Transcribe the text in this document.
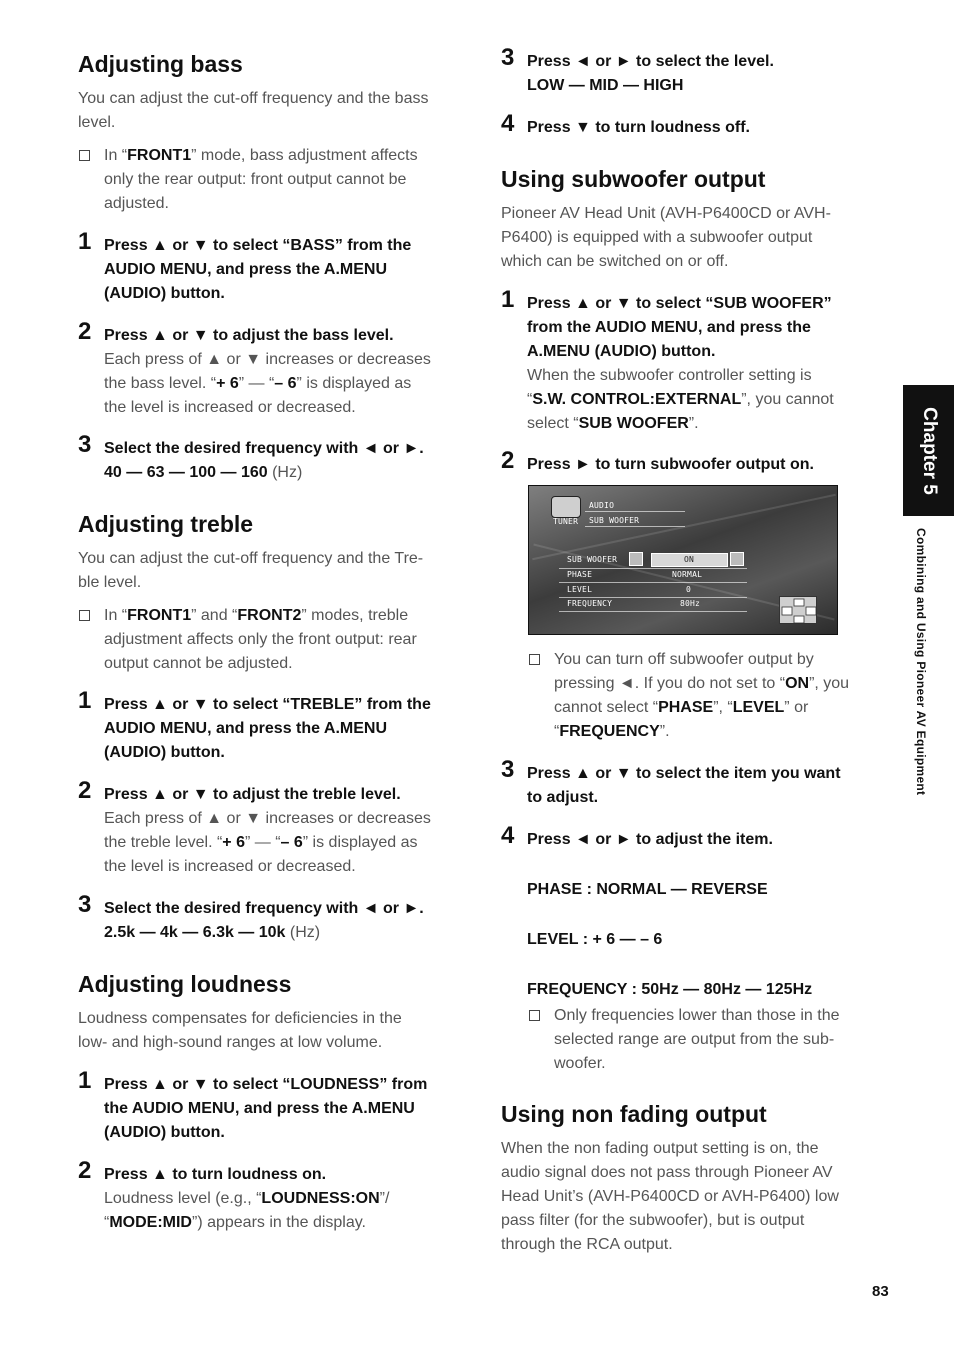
Adjusting bass
You can adjust the cut-off frequency and the bass
level.
In “FRONT1” mode, bass adjustment affects
only the rear output: front output cannot be
adjusted.
1 Press ▲ or ▼ to select “BASS” from the
AUDIO MENU, and press the A.MENU
(AUDIO) button.
2 Press ▲ or ▼ to adjust the bass level.
Each press of ▲ or ▼ increases or decreases
the bass level. “+ 6” — “– 6” is displayed as
the level is increased or decreased.
3 Select the desired frequency with ◄ or ►.
40 — 63 — 100 — 160 (Hz)
Adjusting treble
You can adjust the cut-off frequency and the Tre-
ble level.
In “FRONT1” and “FRONT2” modes, treble
adjustment affects only the front output: rear
output cannot be adjusted.
1 Press ▲ or ▼ to select “TREBLE” from the
AUDIO MENU, and press the A.MENU
(AUDIO) button.
2 Press ▲ or ▼ to adjust the treble level.
Each press of ▲ or ▼ increases or decreases
the treble level. “+ 6” — “– 6” is displayed as
the level is increased or decreased.
3 Select the desired frequency with ◄ or ►.
2.5k — 4k — 6.3k — 10k (Hz)
Adjusting loudness
Loudness compensates for deficiencies in the
low- and high-sound ranges at low volume.
1 Press ▲ or ▼ to select “LOUDNESS” from
the AUDIO MENU, and press the A.MENU
(AUDIO) button.
2 Press ▲ to turn loudness on.
Loudness level (e.g., “LOUDNESS:ON”/
“MODE:MID”) appears in the display.
3 Press ◄ or ► to select the level.
LOW — MID — HIGH
4 Press ▼ to turn loudness off.
Using subwoofer output
Pioneer AV Head Unit (AVH-P6400CD or AVH-
P6400) is equipped with a subwoofer output
which can be switched on or off.
1 Press ▲ or ▼ to select “SUB WOOFER”
from the AUDIO MENU, and press the
A.MENU (AUDIO) button.
When the subwoofer controller setting is
“S.W. CONTROL:EXTERNAL”, you cannot
select “SUB WOOFER”.
2 Press ► to turn subwoofer output on.
You can turn off subwoofer output by
pressing ◄. If you do not set to “ON”, you
cannot select “PHASE”, “LEVEL” or
“FREQUENCY”.
3 Press ▲ or ▼ to select the item you want
to adjust.
4 Press ◄ or ► to adjust the item.
PHASE : NORMAL — REVERSE
LEVEL : + 6 — – 6
FREQUENCY : 50Hz — 80Hz — 125Hz
Only frequencies lower than those in the
selected range are output from the sub-
woofer.
Using non fading output
When the non fading output setting is on, the
audio signal does not pass through Pioneer AV
Head Unit’s (AVH-P6400CD or AVH-P6400) low
pass filter (for the subwoofer), but is output
through the RCA output.
AUDIO
TUNER SUB WOOFER
SUB WOOFER	ON
PHASE	NORMAL
LEVEL	0
FREQUENCY	80Hz
Chapter 5
Combining and Using Pioneer AV Equipment
83
